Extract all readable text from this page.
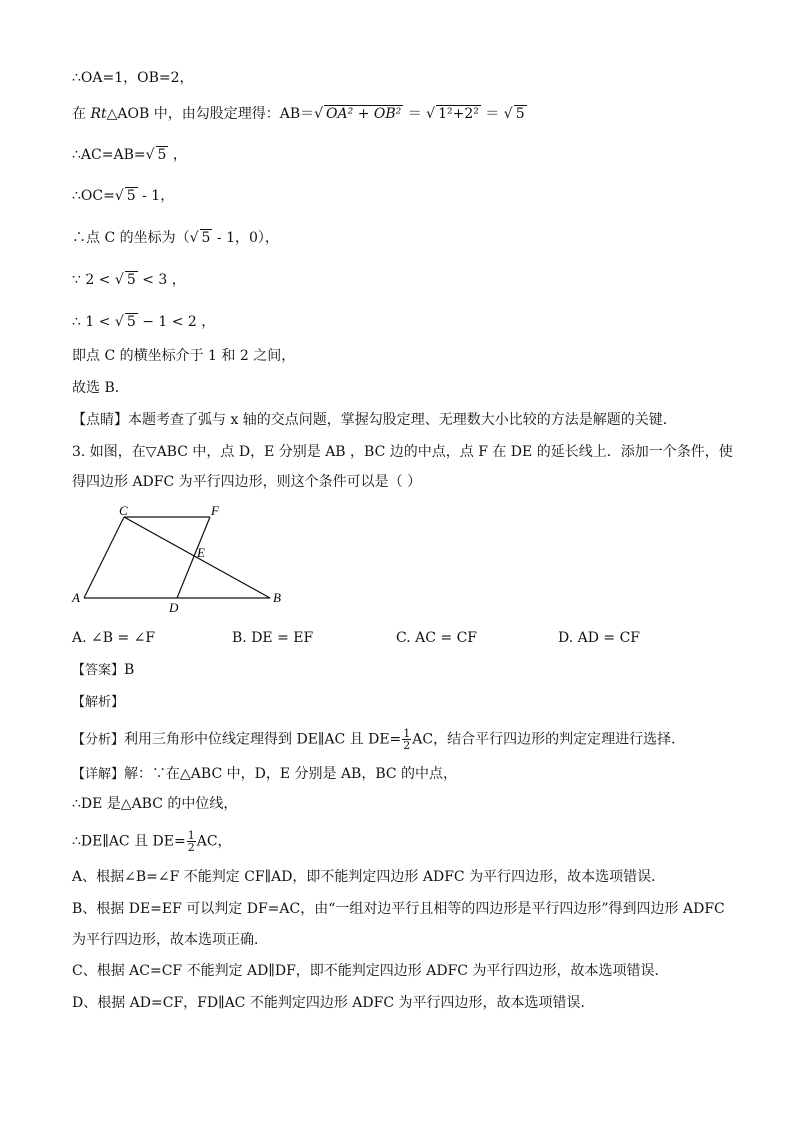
∴OA=1，OB=2，
在 Rt△AOB 中，由勾股定理得：AB＝√ OA² + OB² ＝ √ 1²+2² ＝ √ 5
∴AC=AB=√ 5 ，
∴OC=√ 5 - 1，
∴点 C 的坐标为（√ 5 - 1，0），
∵ 2 < √ 5 < 3 ，
∴ 1 < √ 5 − 1 < 2 ，
即点 C 的横坐标介于 1 和 2 之间，
故选 B．
【点睛】本题考查了弧与 x 轴的交点问题，掌握勾股定理、无理数大小比较的方法是解题的关键．
3. 如图，在▽ABC 中，点 D，E 分别是 AB ，BC 边的中点，点 F 在 DE 的延长线上．添加一个条件，使
得四边形 ADFC 为平行四边形，则这个条件可以是（ ）
A	B
C
D
E
F
A. ∠B = ∠F	B. DE = EF	C. AC = CF	D. AD = CF
【答案】B
【解析】
【分析】利用三角形中位线定理得到 DE∥AC 且 $DE= \frac{1}{2}$ AC，结合平行四边形的判定定理进行选择．
【详解】解：∵在△ABC 中，D，E 分别是 AB，BC 的中点，
∴DE 是△ABC 的中位线，
∴DE∥AC 且 $DE= \frac{1}{2}$ AC，
A、根据∠B=∠F 不能判定 CF∥AD，即不能判定四边形 ADFC 为平行四边形，故本选项错误．
B、根据 DE=EF 可以判定 DF=AC，由“一组对边平行且相等的四边形是平行四边形”得到四边形 ADFC
为平行四边形，故本选项正确．
C、根据 AC=CF 不能判定 AD∥DF，即不能判定四边形 ADFC 为平行四边形，故本选项错误．
D、根据 AD=CF，FD∥AC 不能判定四边形 ADFC 为平行四边形，故本选项错误．
